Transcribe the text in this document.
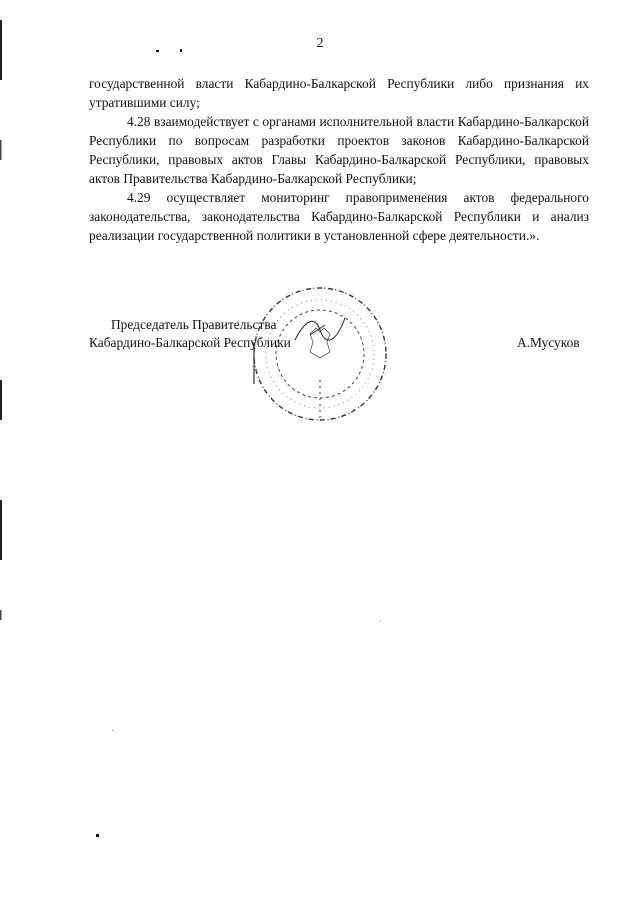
2

государственной власти Кабардино-Балкарской Республики либо признания их утратившими силу;

4.28 взаимодействует с органами исполнительной власти Кабардино-Балкарской Республики по вопросам разработки проектов законов Кабардино-Балкарской Республики, правовых актов Главы Кабардино-Балкарской Республики, правовых актов Правительства Кабардино-Балкарской Республики;

4.29 осуществляет мониторинг правоприменения актов федерального законодательства, законодательства Кабардино-Балкарской Республики и анализ реализации государственной политики в установленной сфере деятельности.».

Председатель Правительства
Кабардино-Балкарской Республики	А.Мусуков
